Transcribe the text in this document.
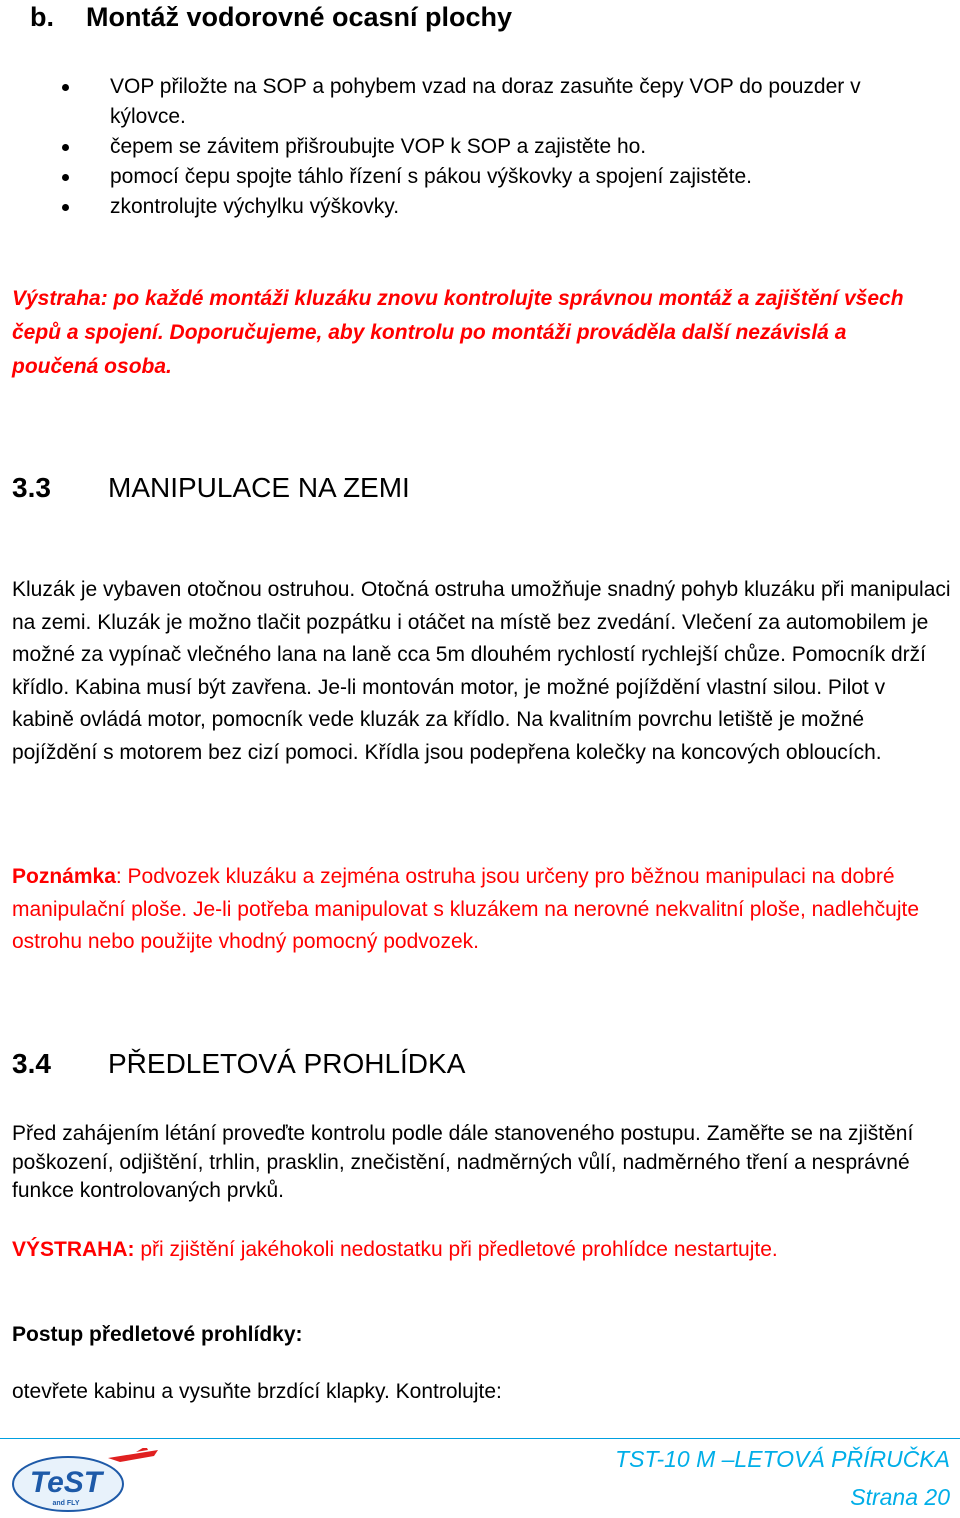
b. Montáž vodorovné ocasní plochy
VOP přiložte na SOP a pohybem vzad na doraz zasuňte čepy VOP do pouzder v kýlovce.
čepem se závitem přišroubujte VOP k SOP a zajistěte ho.
pomocí čepu spojte táhlo řízení s pákou výškovky a spojení zajistěte.
zkontrolujte výchylku výškovky.
Výstraha: po každé montáži kluzáku znovu kontrolujte správnou montáž a zajištění všech čepů a spojení. Doporučujeme, aby kontrolu po montáži prováděla další nezávislá a poučená osoba.
3.3 MANIPULACE NA ZEMI
Kluzák je vybaven otočnou ostruhou. Otočná ostruha umožňuje snadný pohyb kluzáku při manipulaci na zemi. Kluzák je možno tlačit pozpátku i otáčet na místě bez zvedání. Vlečení za automobilem je možné za vypínač vlečného lana na laně cca 5m dlouhém rychlostí rychlejší chůze. Pomocník drží křídlo. Kabina musí být zavřena. Je-li montován motor, je možné pojíždění vlastní silou. Pilot v kabině ovládá motor, pomocník vede kluzák za křídlo. Na kvalitním povrchu letiště je možné pojíždění s motorem bez cizí pomoci. Křídla jsou podepřena kolečky na koncových obloucích.
Poznámka: Podvozek kluzáku a zejména ostruha jsou určeny pro běžnou manipulaci na dobré manipulační ploše. Je-li potřeba manipulovat s kluzákem na nerovné nekvalitní ploše, nadlehčujte ostrohu nebo použijte vhodný pomocný podvozek.
3.4 PŘEDLETOVÁ PROHLÍDKA
Před zahájením létání proveďte kontrolu podle dále stanoveného postupu. Zaměřte se na zjištění poškození, odjištění, trhlin, prasklin, znečistění, nadměrných vůlí, nadměrného tření a nesprávné funkce kontrolovaných prvků.
VÝSTRAHA: při zjištění jakéhokoli nedostatku při předletové prohlídce nestartujte.
Postup předletové prohlídky:
otevřete kabinu a vysuňte brzdící klapky. Kontrolujte:
TeST
and FLY
TST-10 M –LETOVÁ PŘÍRUČKA
Strana 20
